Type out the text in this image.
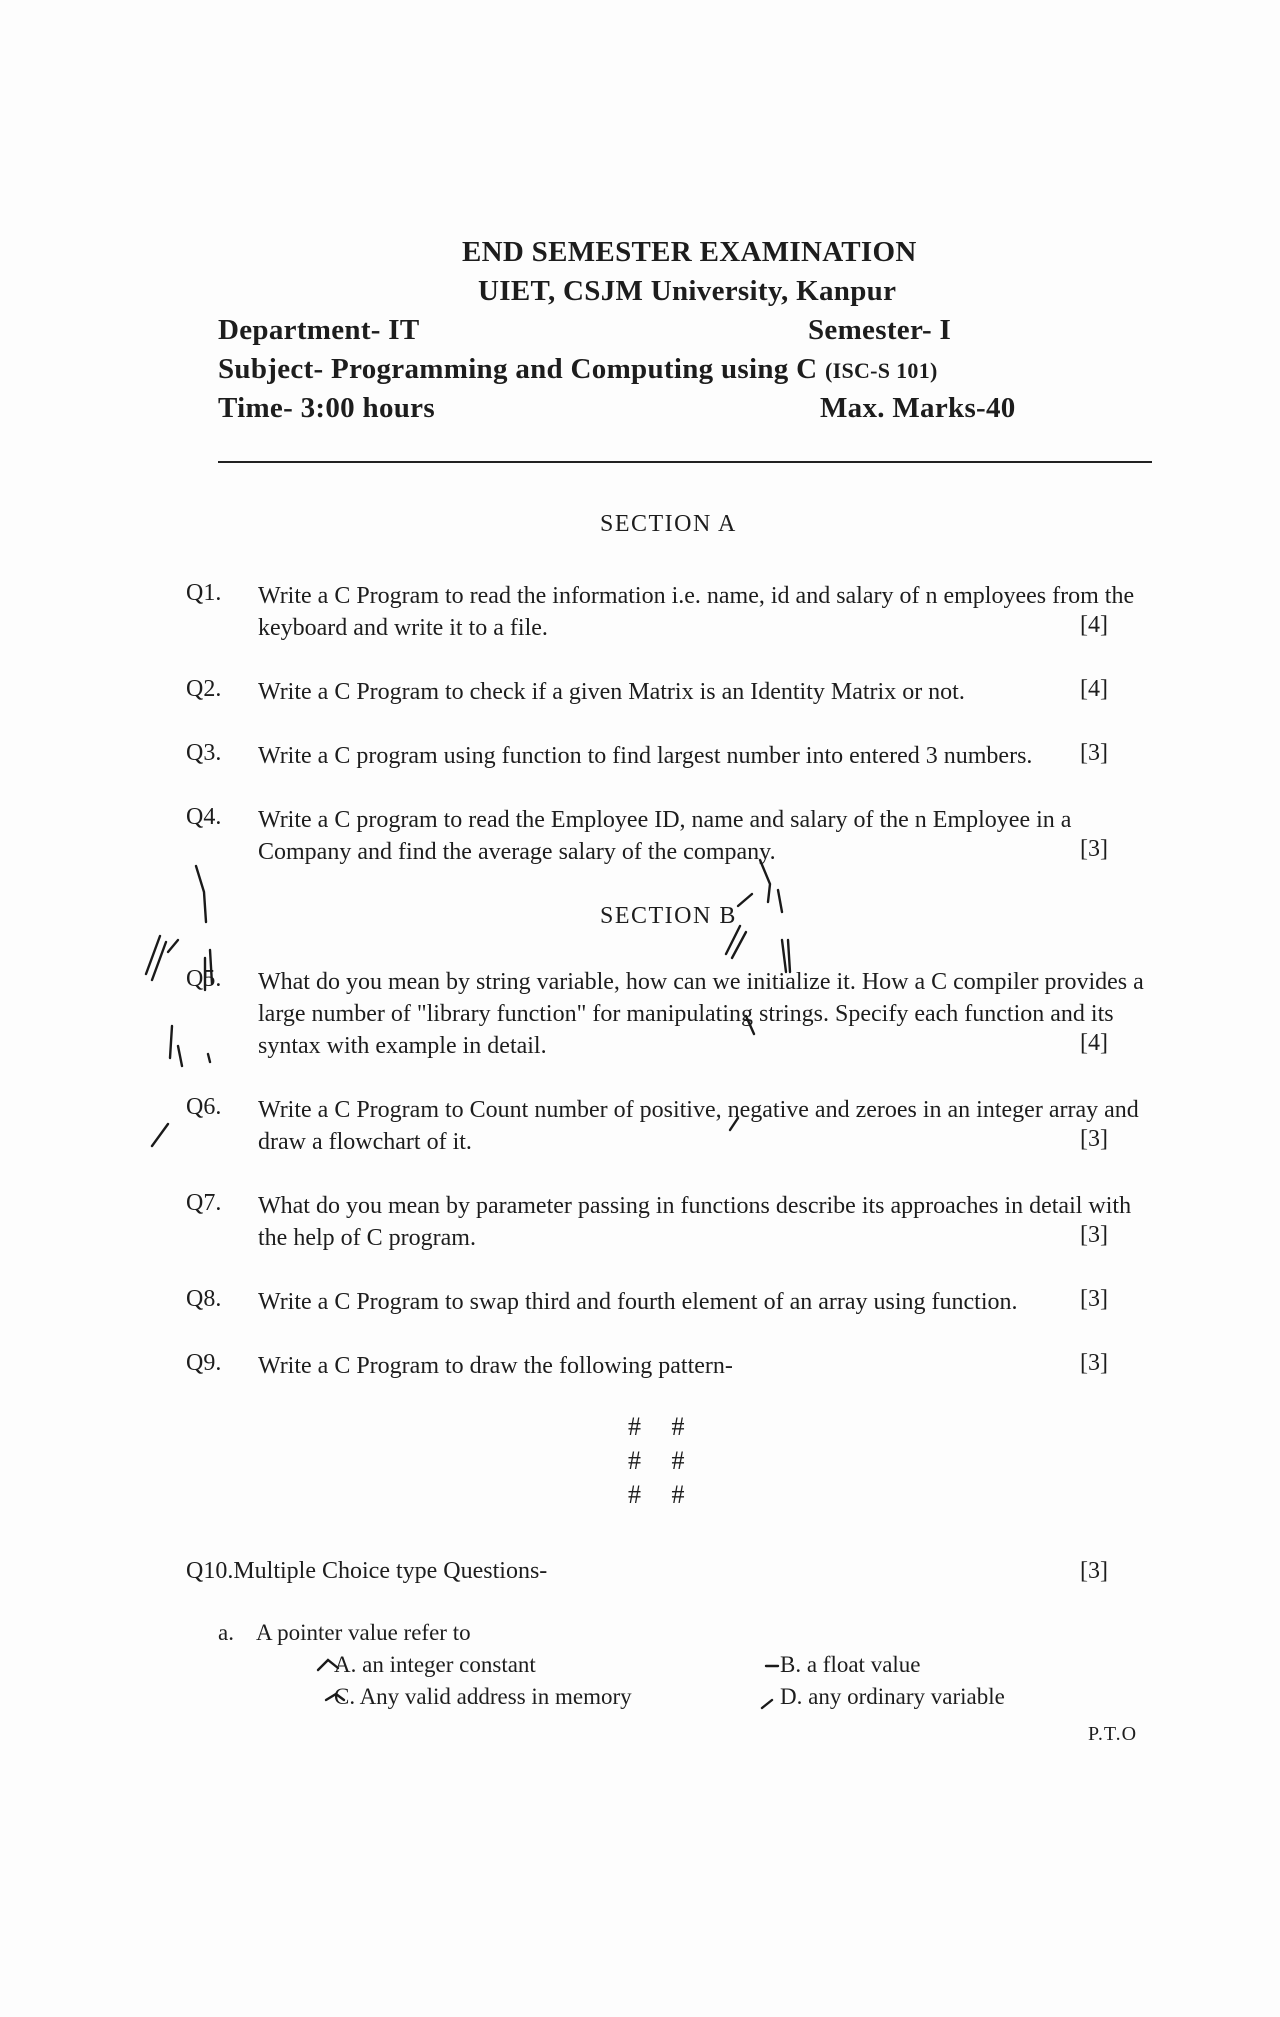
END SEMESTER EXAMINATION
UIET, CSJM University, Kanpur
Department- IT	Semester- I
Subject- Programming and Computing using C (ISC-S 101)
Time- 3:00 hours	Max. Marks-40
SECTION A
Q1. Write a C Program to read the information i.e. name, id and salary of n employees from the keyboard and write it to a file.	[4]
Q2. Write a C Program to check if a given Matrix is an Identity Matrix or not.	[4]
Q3. Write a C program using function to find largest number into entered 3 numbers.	[3]
Q4. Write a C program to read the Employee ID, name and salary of the n Employee in a Company and find the average salary of the company.	[3]
SECTION B
Q5. What do you mean by string variable, how can we initialize it. How a C compiler provides a large number of "library function" for manipulating strings. Specify each function and its syntax with example in detail.	[4]
Q6. Write a C Program to Count number of positive, negative and zeroes in an integer array and draw a flowchart of it.	[3]
Q7. What do you mean by parameter passing in functions describe its approaches in detail with the help of C program.	[3]
Q8. Write a C Program to swap third and fourth element of an array using function.	[3]
Q9. Write a C Program to draw the following pattern-	[3]
# #
# #
# #
Q10.Multiple Choice type Questions-	[3]
a. A pointer value refer to
A. an integer constant	B. a float value
C. Any valid address in memory	D. any ordinary variable
P.T.O
